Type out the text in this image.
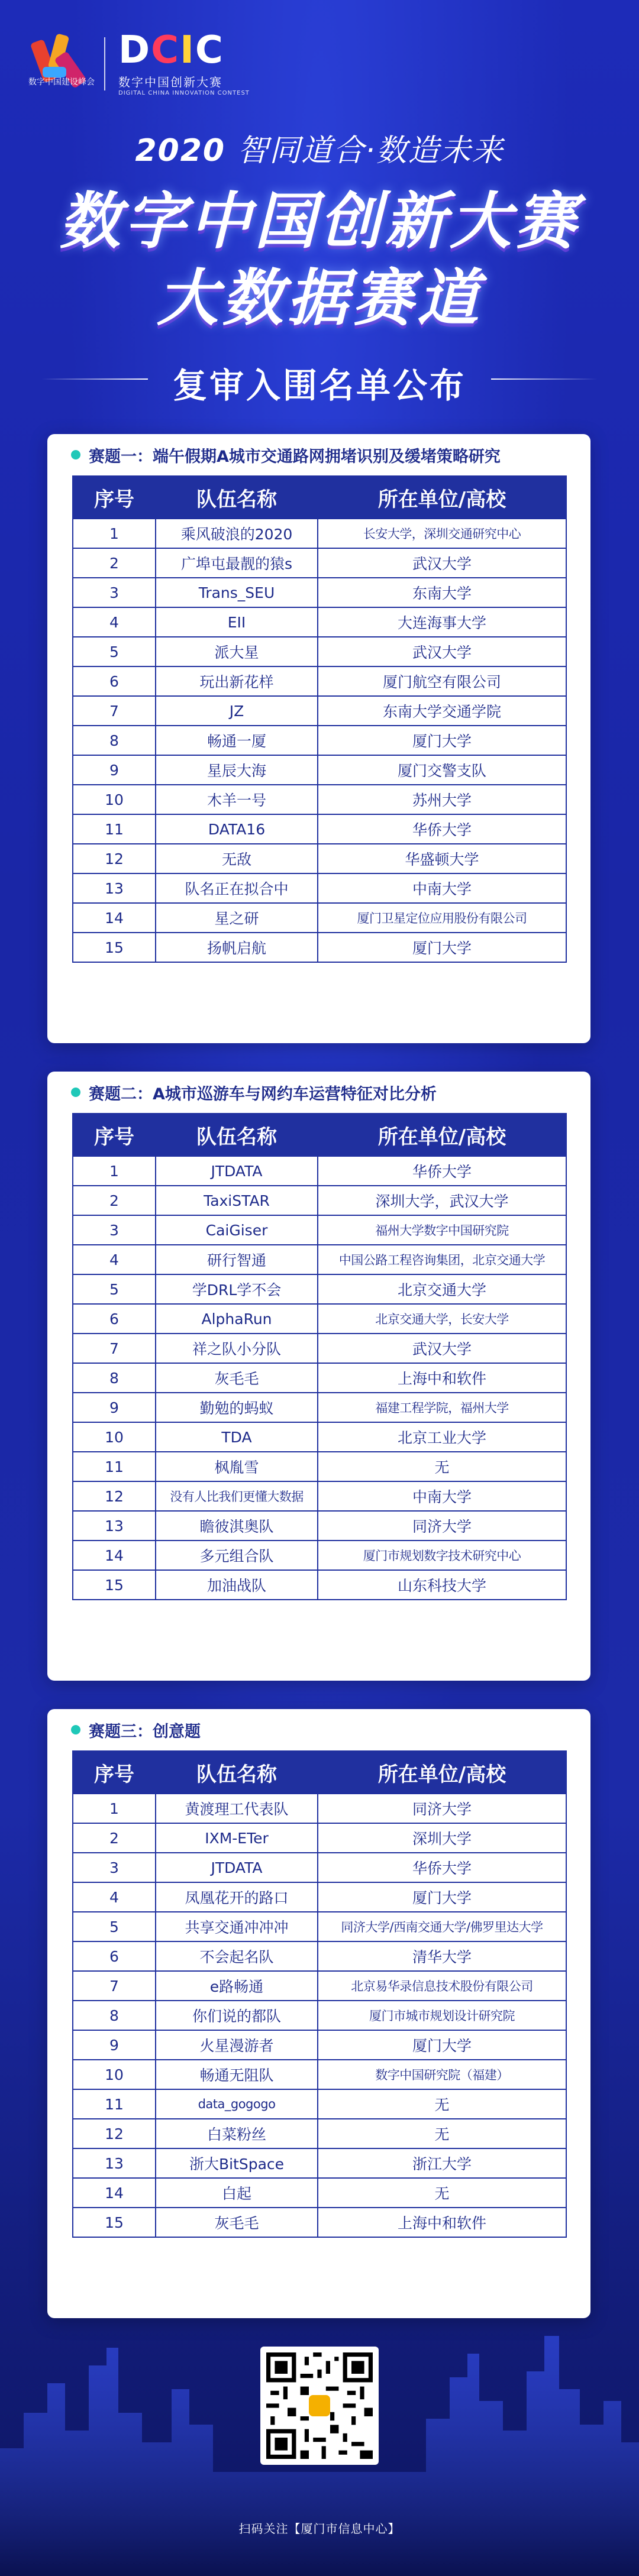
DCIC
数字中国创新大赛
DIGITAL CHINA INNOVATION CONTEST
数字中国建设峰会
2020 智同道合·数造未来
数字中国创新大赛
大数据赛道
复审入围名单公布
赛题一：端午假期A城市交通路网拥堵识别及缓堵策略研究
序号	队伍名称	所在单位/高校
1	乘风破浪的2020	长安大学，深圳交通研究中心
2	广埠屯最靓的猿s	武汉大学
3	Trans_SEU	东南大学
4	EII	大连海事大学
5	派大星	武汉大学
6	玩出新花样	厦门航空有限公司
7	JZ	东南大学交通学院
8	畅通一厦	厦门大学
9	星辰大海	厦门交警支队
10	木羊一号	苏州大学
11	DATA16	华侨大学
12	无敌	华盛顿大学
13	队名正在拟合中	中南大学
14	星之研	厦门卫星定位应用股份有限公司
15	扬帆启航	厦门大学
赛题二：A城市巡游车与网约车运营特征对比分析
序号	队伍名称	所在单位/高校
1	JTDATA	华侨大学
2	TaxiSTAR	深圳大学，武汉大学
3	CaiGiser	福州大学数字中国研究院
4	研行智通	中国公路工程咨询集团，北京交通大学
5	学DRL学不会	北京交通大学
6	AlphaRun	北京交通大学，长安大学
7	祥之队小分队	武汉大学
8	灰毛毛	上海中和软件
9	勤勉的蚂蚁	福建工程学院，福州大学
10	TDA	北京工业大学
11	枫胤雪	无
12	没有人比我们更懂大数据	中南大学
13	瞻彼淇奥队	同济大学
14	多元组合队	厦门市规划数字技术研究中心
15	加油战队	山东科技大学
赛题三：创意题
序号	队伍名称	所在单位/高校
1	黄渡理工代表队	同济大学
2	IXM-ETer	深圳大学
3	JTDATA	华侨大学
4	凤凰花开的路口	厦门大学
5	共享交通冲冲冲	同济大学/西南交通大学/佛罗里达大学
6	不会起名队	清华大学
7	e路畅通	北京易华录信息技术股份有限公司
8	你们说的都队	厦门市城市规划设计研究院
9	火星漫游者	厦门大学
10	畅通无阻队	数字中国研究院（福建）
11	data_gogogo	无
12	白菜粉丝	无
13	浙大BitSpace	浙江大学
14	白起	无
15	灰毛毛	上海中和软件
扫码关注【厦门市信息中心】
